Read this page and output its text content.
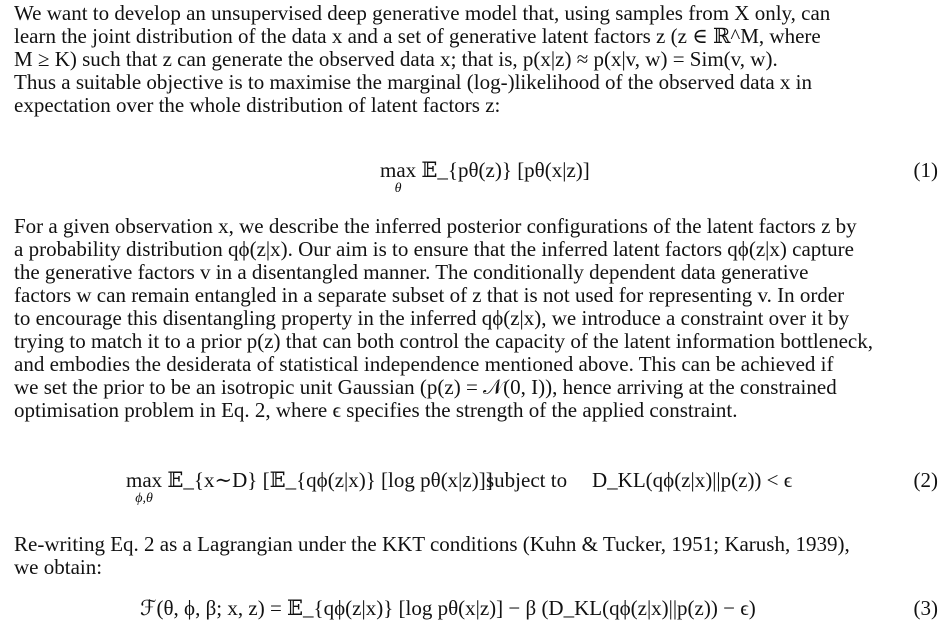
We want to develop an unsupervised deep generative model that, using samples from X only, can
learn the joint distribution of the data x and a set of generative latent factors z (z ∈ ℝ^M, where
M ≥ K) such that z can generate the observed data x; that is, p(x|z) ≈ p(x|v, w) = Sim(v, w).
Thus a suitable objective is to maximise the marginal (log-)likelihood of the observed data x in
expectation over the whole distribution of latent factors z:
max
θ
𝔼_{pθ(z)} [pθ(x|z)]	(1)
For a given observation x, we describe the inferred posterior configurations of the latent factors z by
a probability distribution qϕ(z|x). Our aim is to ensure that the inferred latent factors qϕ(z|x) capture
the generative factors v in a disentangled manner. The conditionally dependent data generative
factors w can remain entangled in a separate subset of z that is not used for representing v. In order
to encourage this disentangling property in the inferred qϕ(z|x), we introduce a constraint over it by
trying to match it to a prior p(z) that can both control the capacity of the latent information bottleneck,
and embodies the desiderata of statistical independence mentioned above. This can be achieved if
we set the prior to be an isotropic unit Gaussian (p(z) = 𝒩(0, I)), hence arriving at the constrained
optimisation problem in Eq. 2, where ϵ specifies the strength of the applied constraint.
max
ϕ,θ
𝔼_{x∼D} [𝔼_{qϕ(z|x)} [log pθ(x|z)]]
subject to D_KL(qϕ(z|x)||p(z)) < ϵ	(2)
Re-writing Eq. 2 as a Lagrangian under the KKT conditions (Kuhn & Tucker, 1951; Karush, 1939),
we obtain:
ℱ(θ, ϕ, β; x, z) = 𝔼_{qϕ(z|x)} [log pθ(x|z)] − β (D_KL(qϕ(z|x)||p(z)) − ϵ)	(3)
